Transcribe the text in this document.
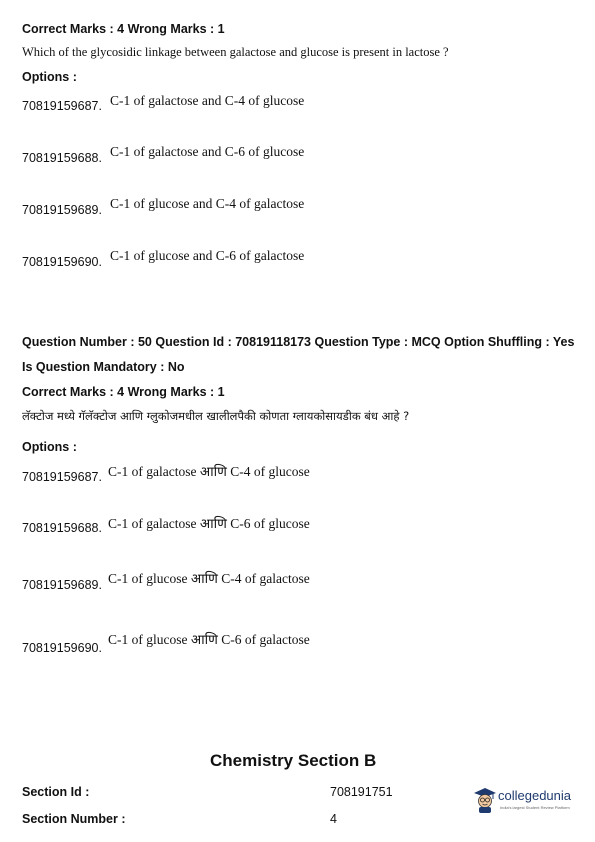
Correct Marks : 4 Wrong Marks : 1
Which of the glycosidic linkage between galactose and glucose is present in lactose ?
Options :
70819159687. C-1 of galactose and C-4 of glucose
70819159688. C-1 of galactose and C-6 of glucose
70819159689. C-1 of glucose and C-4 of galactose
70819159690. C-1 of glucose and C-6 of galactose
Question Number : 50 Question Id : 70819118173 Question Type : MCQ Option Shuffling : Yes
Is Question Mandatory : No
Correct Marks : 4 Wrong Marks : 1
लॅक्टोज मध्ये गॅलॅक्टोज आणि ग्लुकोजमधील खालीलपैकी कोणता ग्लायकोसायडीक बंध आहे ?
Options :
70819159687. C-1 of galactose आणि C-4 of glucose
70819159688. C-1 of galactose आणि C-6 of glucose
70819159689. C-1 of glucose आणि C-4 of galactose
70819159690.
C-1 of glucose आणि C-6 of galactose
Chemistry Section B
Section Id :	708191751
Section Number :	4
collegedunia
India's largest Student Review Platform
